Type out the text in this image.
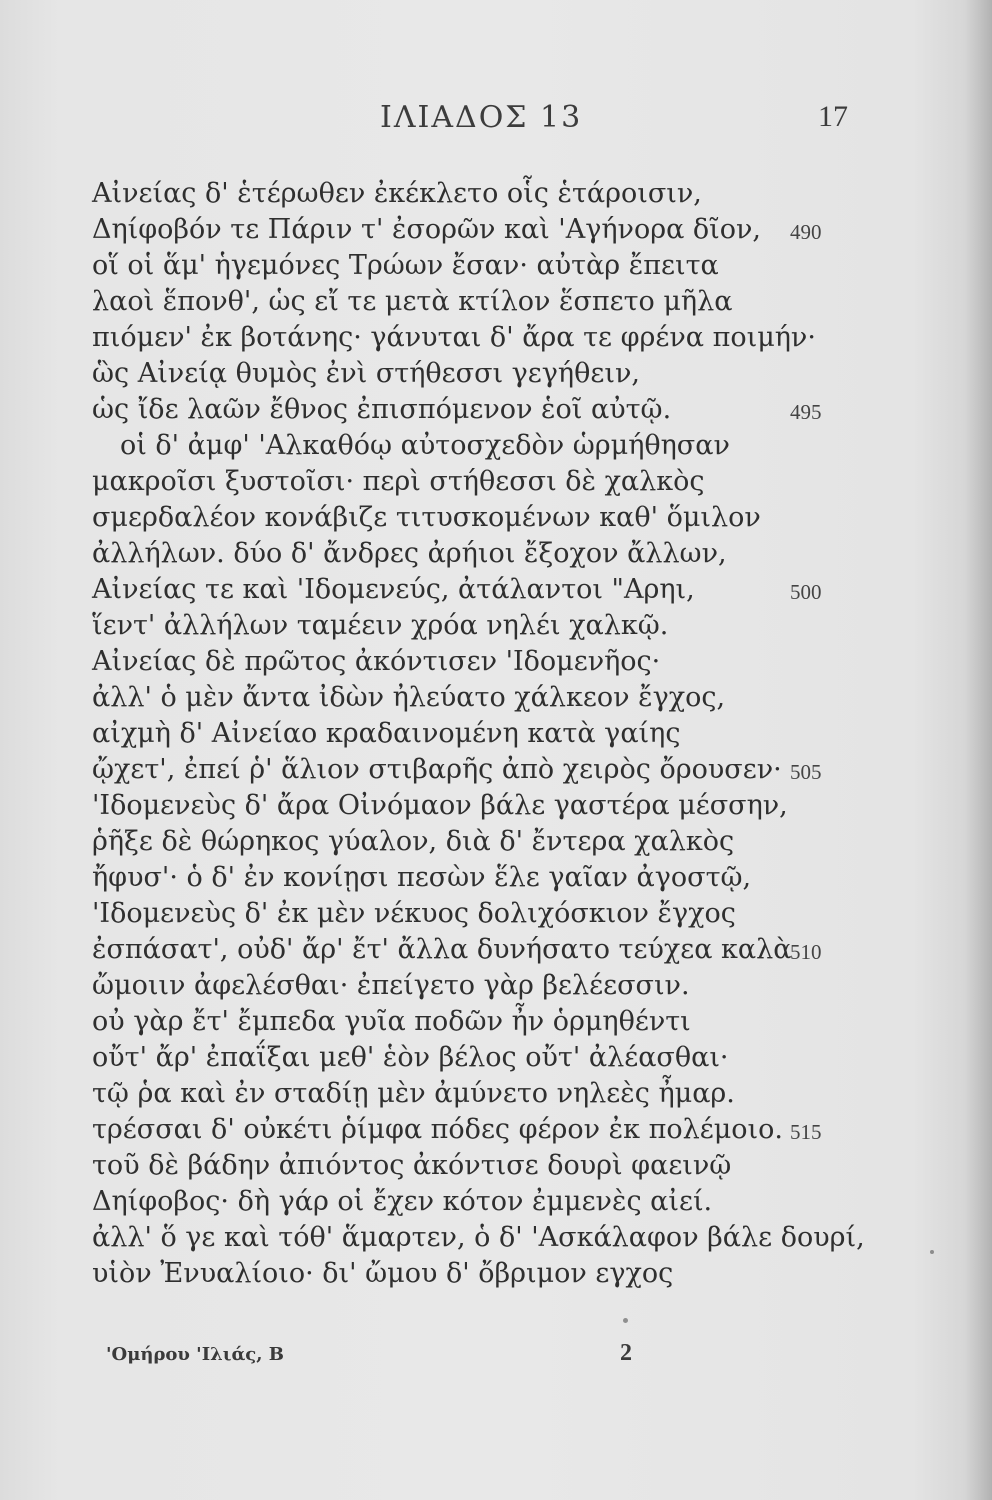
ΙΛΙΑΔΟΣ 13	17
Αἰνείας δ' ἑτέρωθεν ἐκέκλετο οἷς ἑτάροισιν,
Δηίφοβόν τε Πάριν τ' ἐσορῶν καὶ 'Αγήνορα δῖον, 490
οἵ οἱ ἅμ' ἡγεμόνες Τρώων ἔσαν· αὐτὰρ ἔπειτα
λαοὶ ἕπονθ', ὡς εἴ τε μετὰ κτίλον ἕσπετο μῆλα
πιόμεν' ἐκ βοτάνης· γάνυται δ' ἄρα τε φρένα ποιμήν·
ὣς Αἰνείᾳ θυμὸς ἐνὶ στήθεσσι γεγήθειν,
ὡς ἴδε λαῶν ἔθνος ἐπισπόμενον ἑοῖ αὐτῷ.	495
οἱ δ' ἀμφ' 'Αλκαθόῳ αὐτοσχεδὸν ὡρμήθησαν
μακροῖσι ξυστοῖσι· περὶ στήθεσσι δὲ χαλκὸς
σμερδαλέον κονάβιζε τιτυσκομένων καθ' ὅμιλον
ἀλλήλων. δύο δ' ἄνδρες ἀρήιοι ἔξοχον ἄλλων,
Αἰνείας τε καὶ 'Ιδομενεύς, ἀτάλαντοι "Αρηι,	500
ἵεντ' ἀλλήλων ταμέειν χρόα νηλέι χαλκῷ.
Αἰνείας δὲ πρῶτος ἀκόντισεν 'Ιδομενῆος·
ἀλλ' ὁ μὲν ἄντα ἰδὼν ἠλεύατο χάλκεον ἔγχος,
αἰχμὴ δ' Αἰνείαο κραδαινομένη κατὰ γαίης
ᾤχετ', ἐπεί ῥ' ἅλιον στιβαρῆς ἀπὸ χειρὸς ὄρουσεν· 505
'Ιδομενεὺς δ' ἄρα Οἰνόμαον βάλε γαστέρα μέσσην,
ῥῆξε δὲ θώρηκος γύαλον, διὰ δ' ἔντερα χαλκὸς
ἤφυσ'· ὁ δ' ἐν κονίῃσι πεσὼν ἕλε γαῖαν ἀγοστῷ,
'Ιδομενεὺς δ' ἐκ μὲν νέκυος δολιχόσκιον ἔγχος
ἐσπάσατ', οὐδ' ἄρ' ἔτ' ἄλλα δυνήσατο τεύχεα καλὰ
510
ὤμοιιν ἀφελέσθαι· ἐπείγετο γὰρ βελέεσσιν.
οὐ γὰρ ἔτ' ἔμπεδα γυῖα ποδῶν ἦν ὁρμηθέντι
οὔτ' ἄρ' ἐπαΐξαι μεθ' ἑὸν βέλος οὔτ' ἀλέασθαι·
τῷ ῥα καὶ ἐν σταδίῃ μὲν ἀμύνετο νηλεὲς ἦμαρ.
τρέσσαι δ' οὐκέτι ῥίμφα πόδες φέρον ἐκ πολέμοιο. 515
τοῦ δὲ βάδην ἀπιόντος ἀκόντισε δουρὶ φαεινῷ
Δηίφοβος· δὴ γάρ οἱ ἔχεν κότον ἐμμενὲς αἰεί.
ἀλλ' ὅ γε καὶ τόθ' ἅμαρτεν, ὁ δ' 'Ασκάλαφον βάλε δουρί,
υἱὸν Ἐνυαλίοιο· δι' ὤμου δ' ὄβριμον εγχος
'Ομήρου 'Ιλιάς, Β	2
